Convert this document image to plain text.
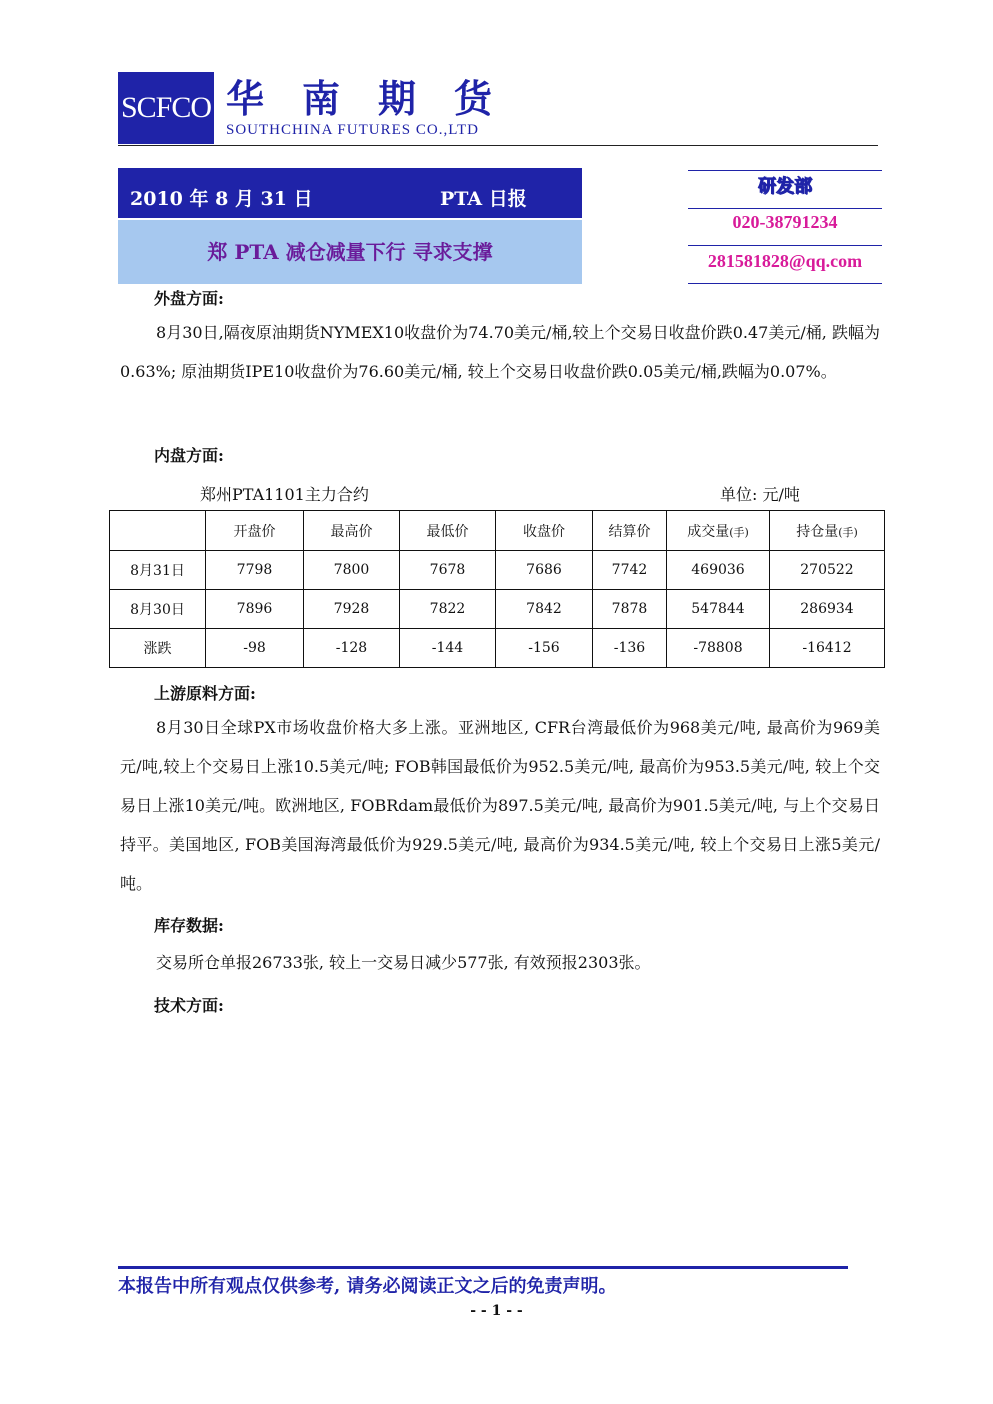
SCFCO 华南期货
SOUTHCHINA FUTURES CO.,LTD
2010 年 8 月 31 日	PTA 日报
郑 PTA 减仓减量下行 寻求支撑
研发部
020-38791234
281581828@qq.com
外盘方面:
8月30日,隔夜原油期货NYMEX10收盘价为74.70美元/桶,较上个交易日收盘价跌0.47美元/桶, 跌幅为0.63%; 原油期货IPE10收盘价为76.60美元/桶, 较上个交易日收盘价跌0.05美元/桶,跌幅为0.07%。
内盘方面:
郑州PTA1101主力合约	单位: 元/吨
	开盘价	最高价	最低价	收盘价	结算价	成交量(手)	持仓量(手)
8月31日	7798	7800	7678	7686	7742	469036	270522
8月30日	7896	7928	7822	7842	7878	547844	286934
涨跌	-98	-128	-144	-156	-136	-78808	-16412
上游原料方面:
8月30日全球PX市场收盘价格大多上涨。亚洲地区, CFR台湾最低价为968美元/吨, 最高价为969美元/吨,较上个交易日上涨10.5美元/吨; FOB韩国最低价为952.5美元/吨, 最高价为953.5美元/吨, 较上个交易日上涨10美元/吨。欧洲地区, FOBRdam最低价为897.5美元/吨, 最高价为901.5美元/吨, 与上个交易日持平。美国地区, FOB美国海湾最低价为929.5美元/吨, 最高价为934.5美元/吨, 较上个交易日上涨5美元/吨。
库存数据:
交易所仓单报26733张, 较上一交易日减少577张, 有效预报2303张。
技术方面:
本报告中所有观点仅供参考, 请务必阅读正文之后的免责声明。
- - 1 - -
